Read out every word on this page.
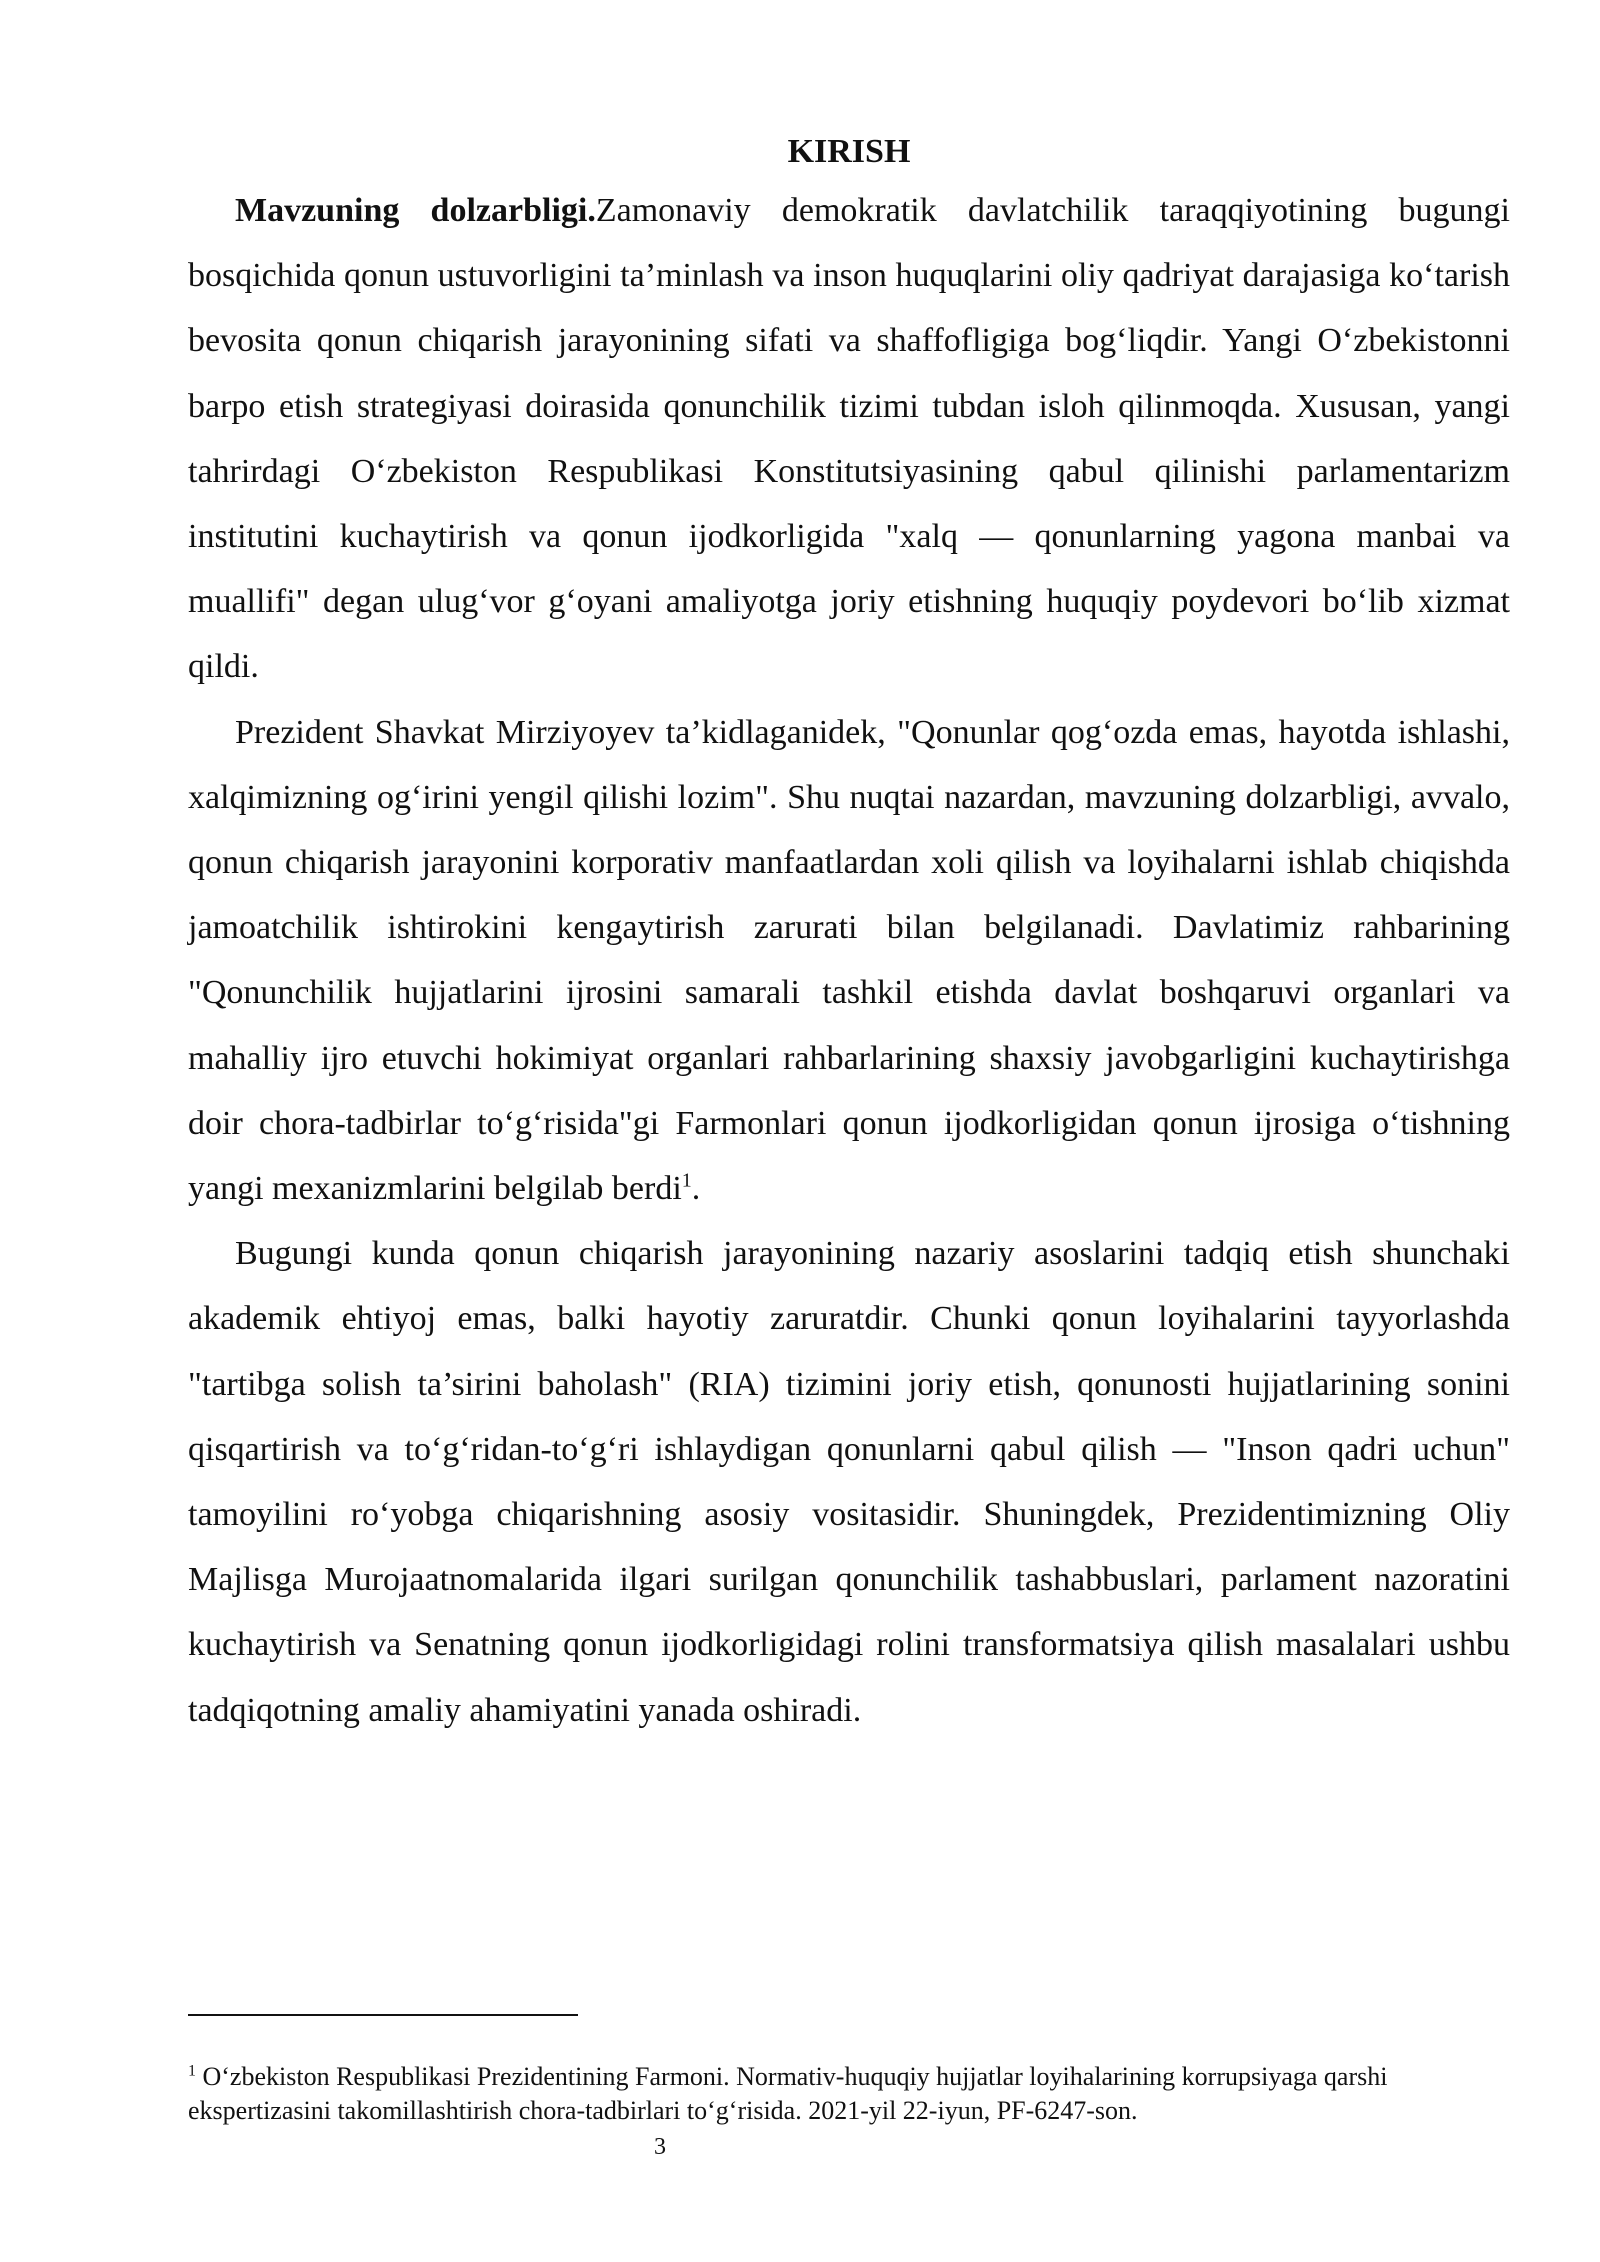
KIRISH

Mavzuning dolzarbligi.Zamonaviy demokratik davlatchilik taraqqiyotining bugungi bosqichida qonun ustuvorligini ta’minlash va inson huquqlarini oliy qadriyat darajasiga ko‘tarish bevosita qonun chiqarish jarayonining sifati va shaffofligiga bog‘liqdir. Yangi O‘zbekistonni barpo etish strategiyasi doirasida qonunchilik tizimi tubdan isloh qilinmoqda. Xususan, yangi tahrirdagi O‘zbekiston Respublikasi Konstitutsiyasining qabul qilinishi parlamentarizm institutini kuchaytirish va qonun ijodkorligida "xalq — qonunlarning yagona manbai va muallifi" degan ulug‘vor g‘oyani amaliyotga joriy etishning huquqiy poydevori bo‘lib xizmat qildi.

Prezident Shavkat Mirziyoyev ta’kidlaganidek, "Qonunlar qog‘ozda emas, hayotda ishlashi, xalqimizning og‘irini yengil qilishi lozim". Shu nuqtai nazardan, mavzuning dolzarbligi, avvalo, qonun chiqarish jarayonini korporativ manfaatlardan xoli qilish va loyihalarni ishlab chiqishda jamoatchilik ishtirokini kengaytirish zarurati bilan belgilanadi. Davlatimiz rahbarining "Qonunchilik hujjatlarini ijrosini samarali tashkil etishda davlat boshqaruvi organlari va mahalliy ijro etuvchi hokimiyat organlari rahbarlarining shaxsiy javobgarligini kuchaytirishga doir chora-tadbirlar to‘g‘risida"gi Farmonlari qonun ijodkorligidan qonun ijrosiga o‘tishning yangi mexanizmlarini belgilab berdi$^1$.

Bugungi kunda qonun chiqarish jarayonining nazariy asoslarini tadqiq etish shunchaki akademik ehtiyoj emas, balki hayotiy zaruratdir. Chunki qonun loyihalarini tayyorlashda "tartibga solish ta’sirini baholash" (RIA) tizimini joriy etish, qonunosti hujjatlarining sonini qisqartirish va to‘g‘ridan-to‘g‘ri ishlaydigan qonunlarni qabul qilish — "Inson qadri uchun" tamoyilini ro‘yobga chiqarishning asosiy vositasidir. Shuningdek, Prezidentimizning Oliy Majlisga Murojaatnomalarida ilgari surilgan qonunchilik tashabbuslari, parlament nazoratini kuchaytirish va Senatning qonun ijodkorligidagi rolini transformatsiya qilish masalalari ushbu tadqiqotning amaliy ahamiyatini yanada oshiradi.

$^1$ O‘zbekiston Respublikasi Prezidentining Farmoni. Normativ-huquqiy hujjatlar loyihalarining korrupsiyaga qarshi ekspertizasini takomillashtirish chora-tadbirlari to‘g‘risida. 2021-yil 22-iyun, PF-6247-son.

3
